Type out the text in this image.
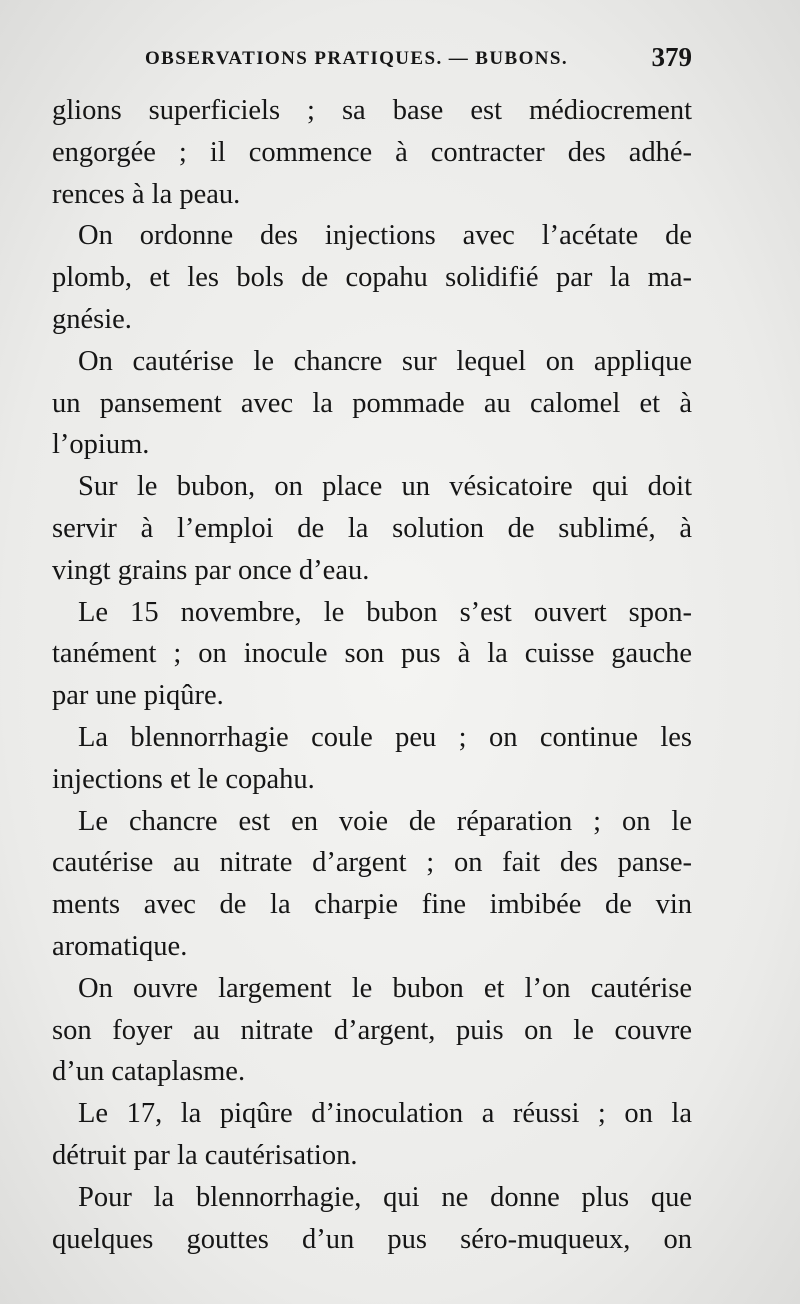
OBSERVATIONS PRATIQUES. — BUBONS.	379
glions superficiels ; sa base est médiocrement
engorgée ; il commence à contracter des adhé-
rences à la peau.
On ordonne des injections avec l’acétate de
plomb, et les bols de copahu solidifié par la ma-
gnésie.
On cautérise le chancre sur lequel on applique
un pansement avec la pommade au calomel et à
l’opium.
Sur le bubon, on place un vésicatoire qui doit
servir à l’emploi de la solution de sublimé, à
vingt grains par once d’eau.
Le 15 novembre, le bubon s’est ouvert spon-
tanément ; on inocule son pus à la cuisse gauche
par une piqûre.
La blennorrhagie coule peu ; on continue les
injections et le copahu.
Le chancre est en voie de réparation ; on le
cautérise au nitrate d’argent ; on fait des panse-
ments avec de la charpie fine imbibée de vin
aromatique.
On ouvre largement le bubon et l’on cautérise
son foyer au nitrate d’argent, puis on le couvre
d’un cataplasme.
Le 17, la piqûre d’inoculation a réussi ; on la
détruit par la cautérisation.
Pour la blennorrhagie, qui ne donne plus que
quelques gouttes d’un pus séro-muqueux, on
